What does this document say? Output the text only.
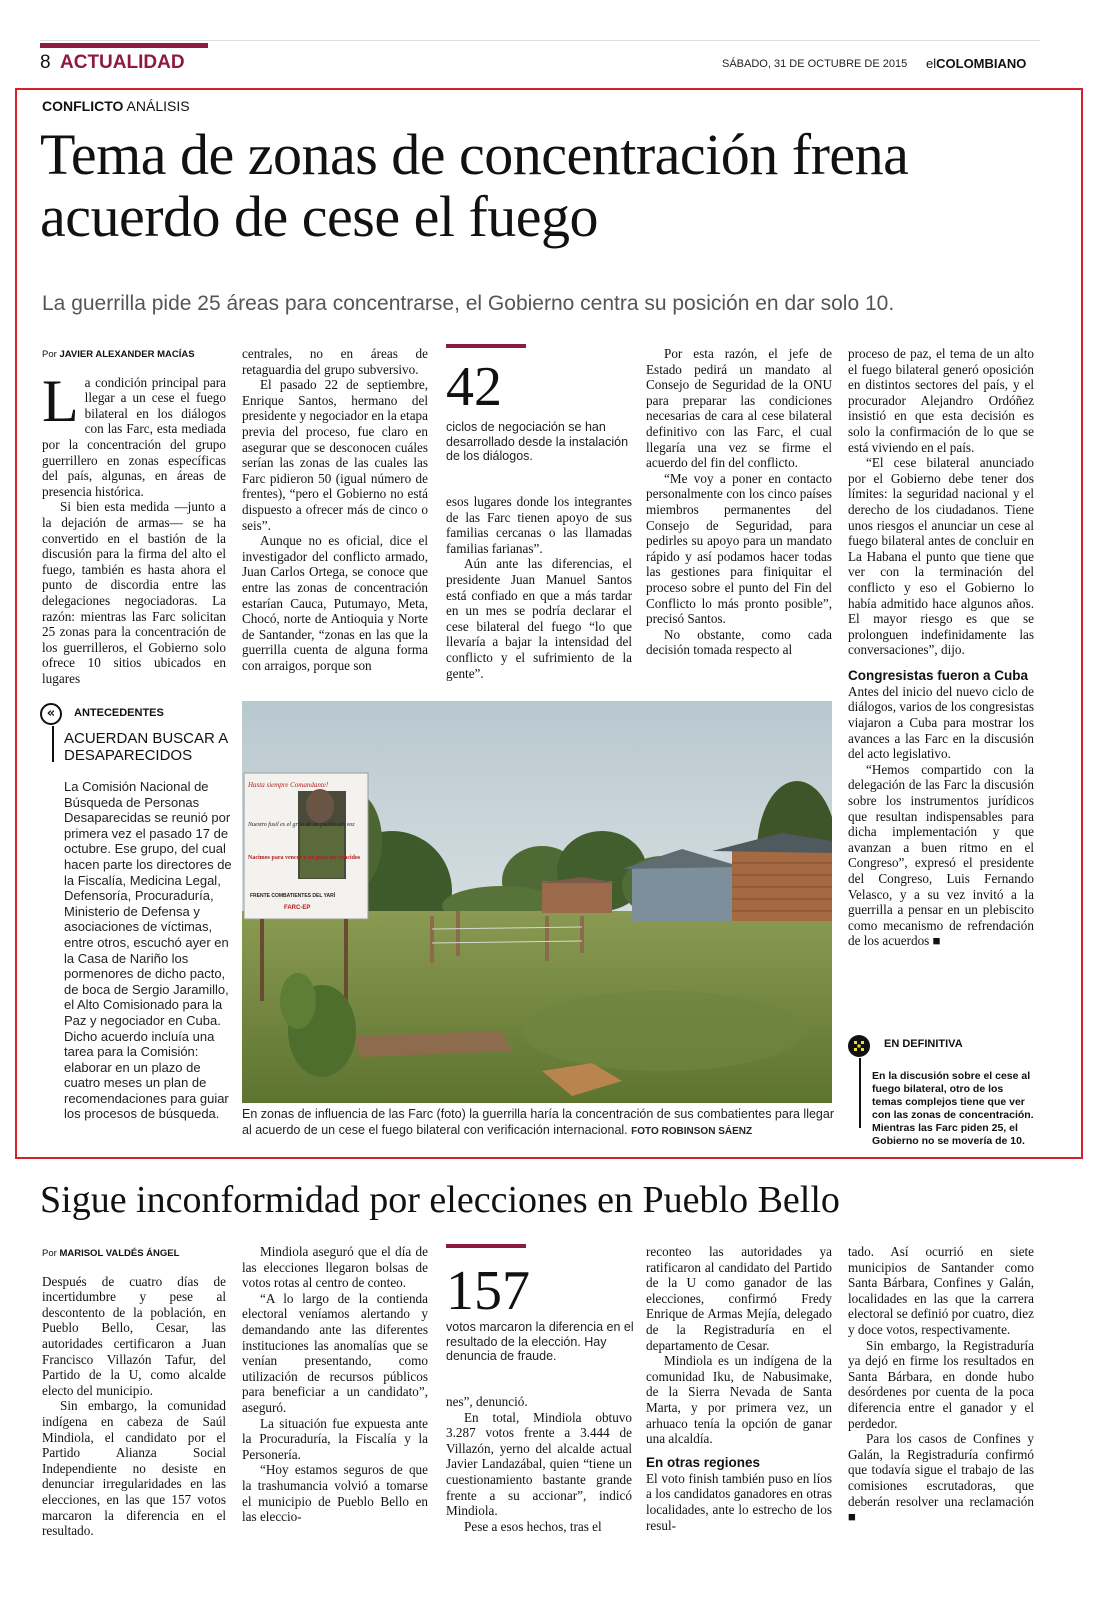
8 ACTUALIDAD	SÁBADO, 31 DE OCTUBRE DE 2015 elCOLOMBIANO
CONFLICTO ANÁLISIS
Tema de zonas de concentración frena acuerdo de cese el fuego
La guerrilla pide 25 áreas para concentrarse, el Gobierno centra su posición en dar solo 10.
Por JAVIER ALEXANDER MACÍAS

La condición principal para llegar a un cese el fuego bilateral en los diálogos con las Farc, esta mediada por la concentración del grupo guerrillero en zonas específicas del país, algunas, en áreas de presencia histórica.

Si bien esta medida —junto a la dejación de armas— se ha convertido en el bastión de la discusión para la firma del alto el fuego, también es hasta ahora el punto de discordia entre las delegaciones negociadoras. La razón: mientras las Farc solicitan 25 zonas para la concentración de los guerrilleros, el Gobierno solo ofrece 10 sitios ubicados en lugares

centrales, no en áreas de retaguardia del grupo subversivo.

El pasado 22 de septiembre, Enrique Santos, hermano del presidente y negociador en la etapa previa del proceso, fue claro en asegurar que se desconocen cuáles serían las zonas de las cuales las Farc pidieron 50 (igual número de frentes), “pero el Gobierno no está dispuesto a ofrecer más de cinco o seis”.

Aunque no es oficial, dice el investigador del conflicto armado, Juan Carlos Ortega, se conoce que entre las zonas de concentración estarían Cauca, Putumayo, Meta, Chocó, norte de Antioquia y Norte de Santander, “zonas en las que la guerrilla cuenta de alguna forma con arraigos, porque son

42
ciclos de negociación se han desarrollado desde la instalación de los diálogos.

esos lugares donde los integrantes de las Farc tienen apoyo de sus familias cercanas o las llamadas familias farianas”.

Aún ante las diferencias, el presidente Juan Manuel Santos está confiado en que a más tardar en un mes se podría declarar el cese bilateral del fuego “lo que llevaría a bajar la intensidad del conflicto y el sufrimiento de la gente”.

Por esta razón, el jefe de Estado pedirá un mandato al Consejo de Seguridad de la ONU para preparar las condiciones necesarias de cara al cese bilateral definitivo con las Farc, el cual llegaría una vez se firme el acuerdo del fin del conflicto.

“Me voy a poner en contacto personalmente con los cinco países miembros permanentes del Consejo de Seguridad, para pedirles su apoyo para un mandato rápido y así podamos hacer todas las gestiones para finiquitar el proceso sobre el punto del Fin del Conflicto lo más pronto posible”, precisó Santos.

No obstante, como cada decisión tomada respecto al

proceso de paz, el tema de un alto el fuego bilateral generó oposición en distintos sectores del país, y el procurador Alejandro Ordóñez insistió en que esta decisión es solo la confirmación de lo que se está viviendo en el país.

“El cese bilateral anunciado por el Gobierno debe tener dos límites: la seguridad nacional y el derecho de los ciudadanos. Tiene unos riesgos el anunciar un cese al fuego bilateral antes de concluir en La Habana el punto que tiene que ver con la terminación del conflicto y eso el Gobierno lo había admitido hace algunos años. El mayor riesgo es que se prolonguen indefinidamente las conversaciones”, dijo.

Congresistas fueron a Cuba

Antes del inicio del nuevo ciclo de diálogos, varios de los congresistas viajaron a Cuba para mostrar los avances a las Farc en la discusión del acto legislativo.

“Hemos compartido con la delegación de las Farc la discusión sobre los instrumentos jurídicos que resultan indispensables para dicha implementación y que avanzan a buen ritmo en el Congreso”, expresó el presidente del Congreso, Luis Fernando Velasco, y a su vez invitó a la guerrilla a pensar en un plebiscito como mecanismo de refrendación de los acuerdos ■

«	ANTECEDENTES
ACUERDAN BUSCAR A DESAPARECIDOS
La Comisión Nacional de Búsqueda de Personas Desaparecidas se reunió por primera vez el pasado 17 de octubre. Ese grupo, del cual hacen parte los directores de la Fiscalía, Medicina Legal, Defensoría, Procuraduría, Ministerio de Defensa y asociaciones de víctimas, entre otros, escuchó ayer en la Casa de Nariño los pormenores de dicho pacto, de boca de Sergio Jaramillo, el Alto Comisionado para la Paz y negociador en Cuba. Dicho acuerdo incluía una tarea para la Comisión: elaborar en un plazo de cuatro meses un plan de recomendaciones para guiar los procesos de búsqueda.
Hasta siempre Comandante!
Nuestro fusil es el grito de un pueblo sin voz
Nacimos para vencer y no para ser vencidos
FRENTE COMBATIENTES DEL YARÍ
FARC-EP
En zonas de influencia de las Farc (foto) la guerrilla haría la concentración de sus combatientes para llegar al acuerdo de un cese el fuego bilateral con verificación internacional. FOTO ROBINSON SÁENZ
EN DEFINITIVA
En la discusión sobre el cese al fuego bilateral, otro de los temas complejos tiene que ver con las zonas de concentración. Mientras las Farc piden 25, el Gobierno no se movería de 10.
Sigue inconformidad por elecciones en Pueblo Bello
Por MARISOL VALDÉS ÁNGEL

Después de cuatro días de incertidumbre y pese al descontento de la población, en Pueblo Bello, Cesar, las autoridades certificaron a Juan Francisco Villazón Tafur, del Partido de la U, como alcalde electo del municipio.

Sin embargo, la comunidad indígena en cabeza de Saúl Mindiola, el candidato por el Partido Alianza Social Independiente no desiste en denunciar irregularidades en las elecciones, en las que 157 votos marcaron la diferencia en el resultado.

Mindiola aseguró que el día de las elecciones llegaron bolsas de votos rotas al centro de conteo.

“A lo largo de la contienda electoral veníamos alertando y demandando ante las diferentes instituciones las anomalías que se venían presentando, como utilización de recursos públicos para beneficiar a un candidato”, aseguró.

La situación fue expuesta ante la Procuraduría, la Fiscalía y la Personería.

“Hoy estamos seguros de que la trashumancia volvió a tomarse el municipio de Pueblo Bello en las eleccio-

157
votos marcaron la diferencia en el resultado de la elección. Hay denuncia de fraude.

nes”, denunció.

En total, Mindiola obtuvo 3.287 votos frente a 3.444 de Villazón, yerno del alcalde actual Javier Landazábal, quien “tiene un cuestionamiento bastante grande frente a su accionar”, indicó Mindiola.

Pese a esos hechos, tras el

reconteo las autoridades ya ratificaron al candidato del Partido de la U como ganador de las elecciones, confirmó Fredy Enrique de Armas Mejía, delegado de la Registraduría en el departamento de Cesar.

Mindiola es un indígena de la comunidad Iku, de Nabusimake, de la Sierra Nevada de Santa Marta, y por primera vez, un arhuaco tenía la opción de ganar una alcaldía.

En otras regiones

El voto finish también puso en líos a los candidatos ganadores en otras localidades, ante lo estrecho de los resul-

tado. Así ocurrió en siete municipios de Santander como Santa Bárbara, Confines y Galán, localidades en las que la carrera electoral se definió por cuatro, diez y doce votos, respectivamente.

Sin embargo, la Registraduría ya dejó en firme los resultados en Santa Bárbara, en donde hubo desórdenes por cuenta de la poca diferencia entre el ganador y el perdedor.

Para los casos de Confines y Galán, la Registraduría confirmó que todavía sigue el trabajo de las comisiones escrutadoras, que deberán resolver una reclamación ■
